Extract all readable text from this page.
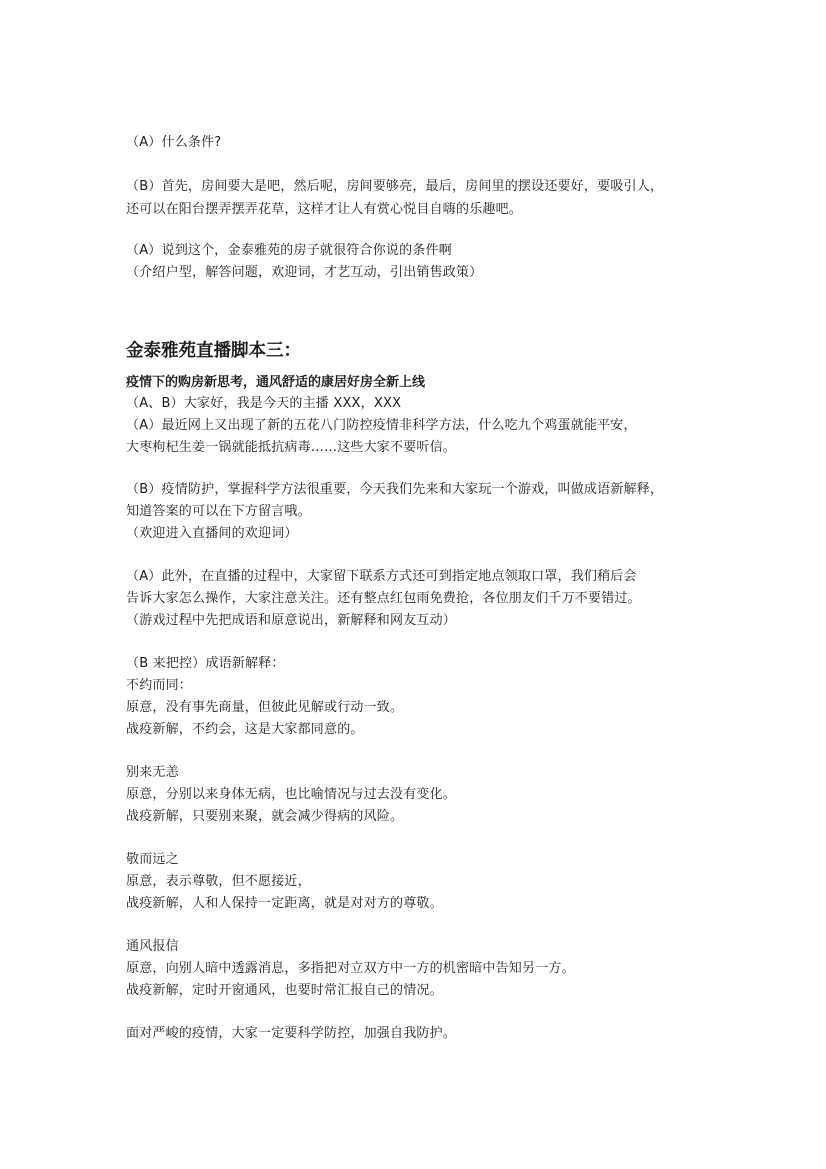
（A）什么条件?
（B）首先，房间要大是吧，然后呢，房间要够亮，最后，房间里的摆设还要好，要吸引人，
还可以在阳台摆弄摆弄花草，这样才让人有赏心悦目自嗨的乐趣吧。
（A）说到这个，金泰雅苑的房子就很符合你说的条件啊
（介绍户型，解答问题，欢迎词，才艺互动，引出销售政策）
金泰雅苑直播脚本三：
疫情下的购房新思考，通风舒适的康居好房全新上线
（A、B）大家好，我是今天的主播 XXX，XXX
（A）最近网上又出现了新的五花八门防控疫情非科学方法，什么吃九个鸡蛋就能平安，
大枣枸杞生姜一锅就能抵抗病毒……这些大家不要听信。
（B）疫情防护，掌握科学方法很重要，今天我们先来和大家玩一个游戏，叫做成语新解释，
知道答案的可以在下方留言哦。
（欢迎进入直播间的欢迎词）
（A）此外，在直播的过程中，大家留下联系方式还可到指定地点领取口罩，我们稍后会
告诉大家怎么操作，大家注意关注。还有整点红包雨免费抢，各位朋友们千万不要错过。
（游戏过程中先把成语和原意说出，新解释和网友互动）
（B 来把控）成语新解释：
不约而同：
原意，没有事先商量，但彼此见解或行动一致。
战疫新解，不约会，这是大家都同意的。
别来无恙
原意，分别以来身体无病，也比喻情况与过去没有变化。
战疫新解，只要别来聚，就会减少得病的风险。
敬而远之
原意，表示尊敬，但不愿接近，
战疫新解，人和人保持一定距离，就是对对方的尊敬。
通风报信
原意，向别人暗中透露消息，多指把对立双方中一方的机密暗中告知另一方。
战疫新解，定时开窗通风，也要时常汇报自己的情况。
面对严峻的疫情，大家一定要科学防控，加强自我防护。
